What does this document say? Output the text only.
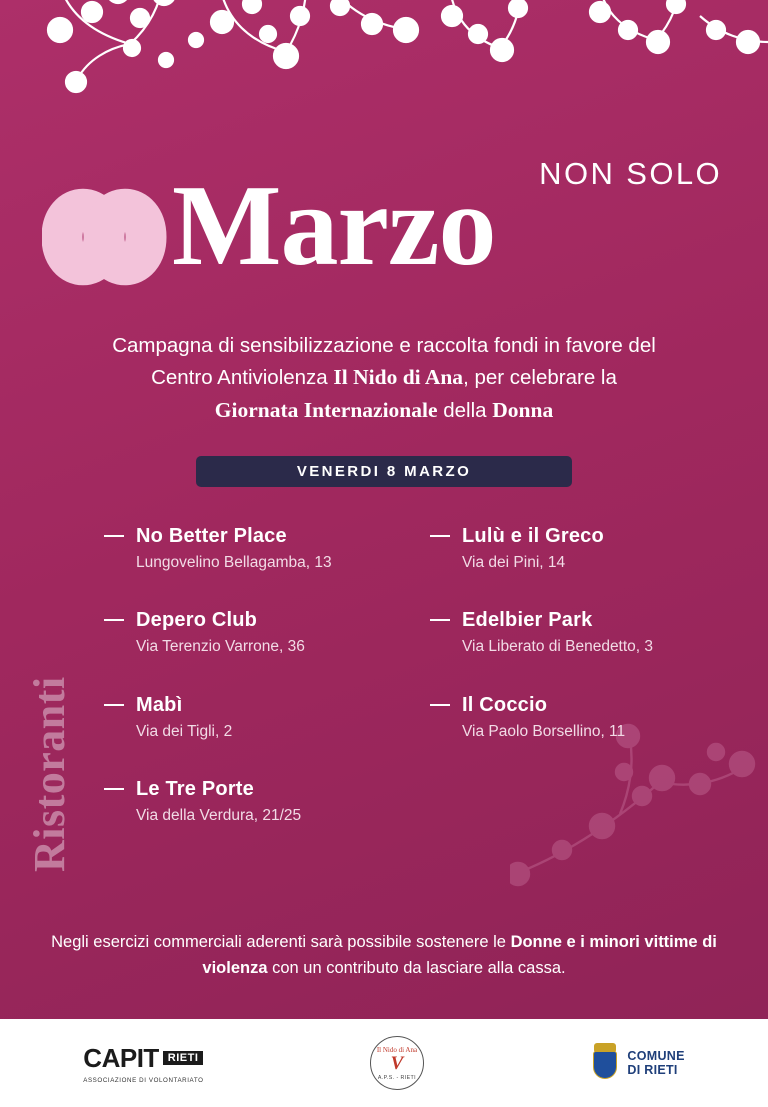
NON SOLO
Marzo
Campagna di sensibilizzazione e raccolta fondi in favore del
Centro Antiviolenza Il Nido di Ana, per celebrare la
Giornata Internazionale della Donna
VENERDI 8 MARZO
Ristoranti
No Better Place
Lungovelino Bellagamba, 13
Depero Club
Via Terenzio Varrone, 36
Mabì
Via dei Tigli, 2
Le Tre Porte
Via della Verdura, 21/25
Lulù e il Greco
Via dei Pini, 14
Edelbier Park
Via Liberato di Benedetto, 3
Il Coccio
Via Paolo Borsellino, 11
Negli esercizi commerciali aderenti sarà possibile sostenere le Donne e i minori vittime di violenza con un contributo da lasciare alla cassa.
CAPIT RIETI
ASSOCIAZIONE DI VOLONTARIATO
Il Nido di Ana
V
A.P.S. - RIETI
COMUNE
DI RIETI
